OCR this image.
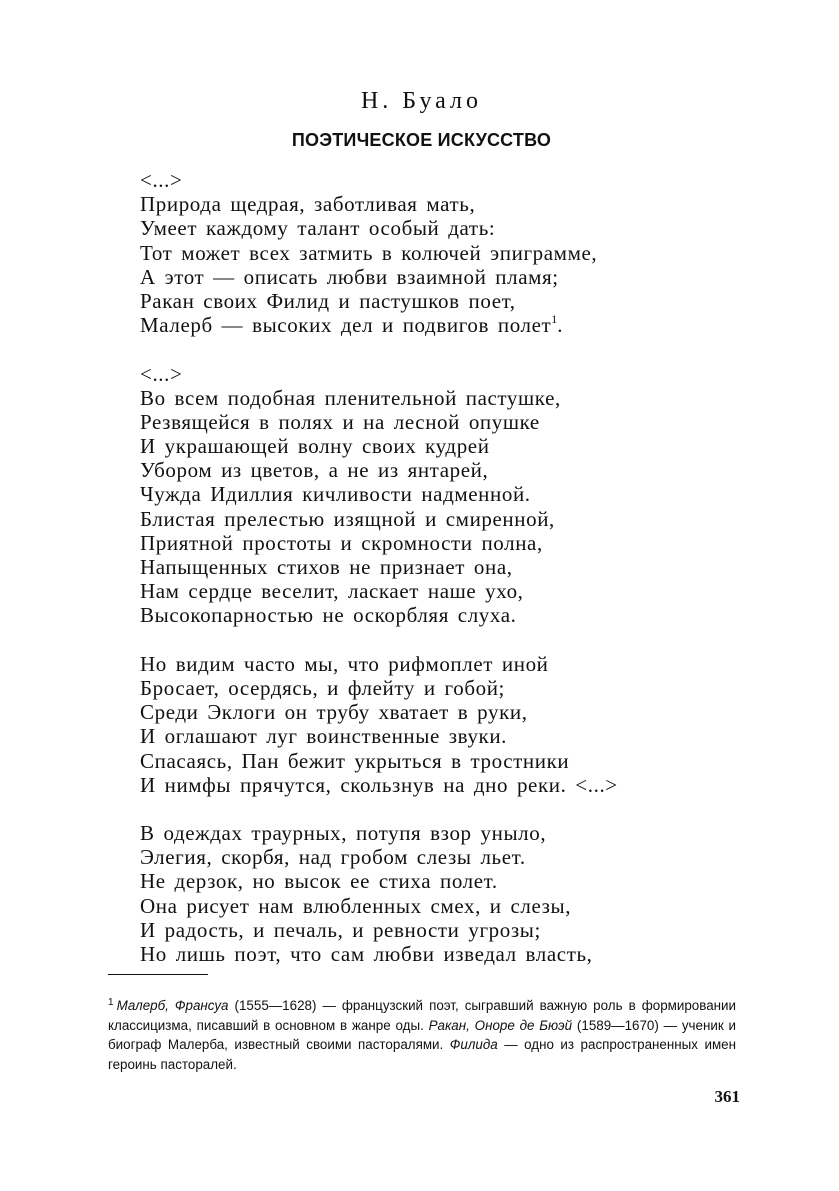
Н. Буало
ПОЭТИЧЕСКОЕ ИСКУССТВО
<...>
Природа щедрая, заботливая мать,
Умеет каждому талант особый дать:
Тот может всех затмить в колючей эпиграмме,
А этот — описать любви взаимной пламя;
Ракан своих Филид и пастушков поет,
Малерб — высоких дел и подвигов полет$^1$.
<...>
Во всем подобная пленительной пастушке,
Резвящейся в полях и на лесной опушке
И украшающей волну своих кудрей
Убором из цветов, а не из янтарей,
Чужда Идиллия кичливости надменной.
Блистая прелестью изящной и смиренной,
Приятной простоты и скромности полна,
Напыщенных стихов не признает она,
Нам сердце веселит, ласкает наше ухо,
Высокопарностью не оскорбляя слуха.
Но видим часто мы, что рифмоплет иной
Бросает, осердясь, и флейту и гобой;
Среди Эклоги он трубу хватает в руки,
И оглашают луг воинственные звуки.
Спасаясь, Пан бежит укрыться в тростники
И нимфы прячутся, скользнув на дно реки. <...>
В одеждах траурных, потупя взор уныло,
Элегия, скорбя, над гробом слезы льет.
Не дерзок, но высок ее стиха полет.
Она рисует нам влюбленных смех, и слезы,
И радость, и печаль, и ревности угрозы;
Но лишь поэт, что сам любви изведал власть,
$^1$ Малерб, Франсуа (1555—1628) — французский поэт, сыгравший важную роль в формировании классицизма, писавший в основном в жанре оды. Ракан, Оноре де Бюэй (1589—1670) — ученик и биограф Малерба, известный своими пасторалями. Филида — одно из распространенных имен героинь пасторалей.
361
